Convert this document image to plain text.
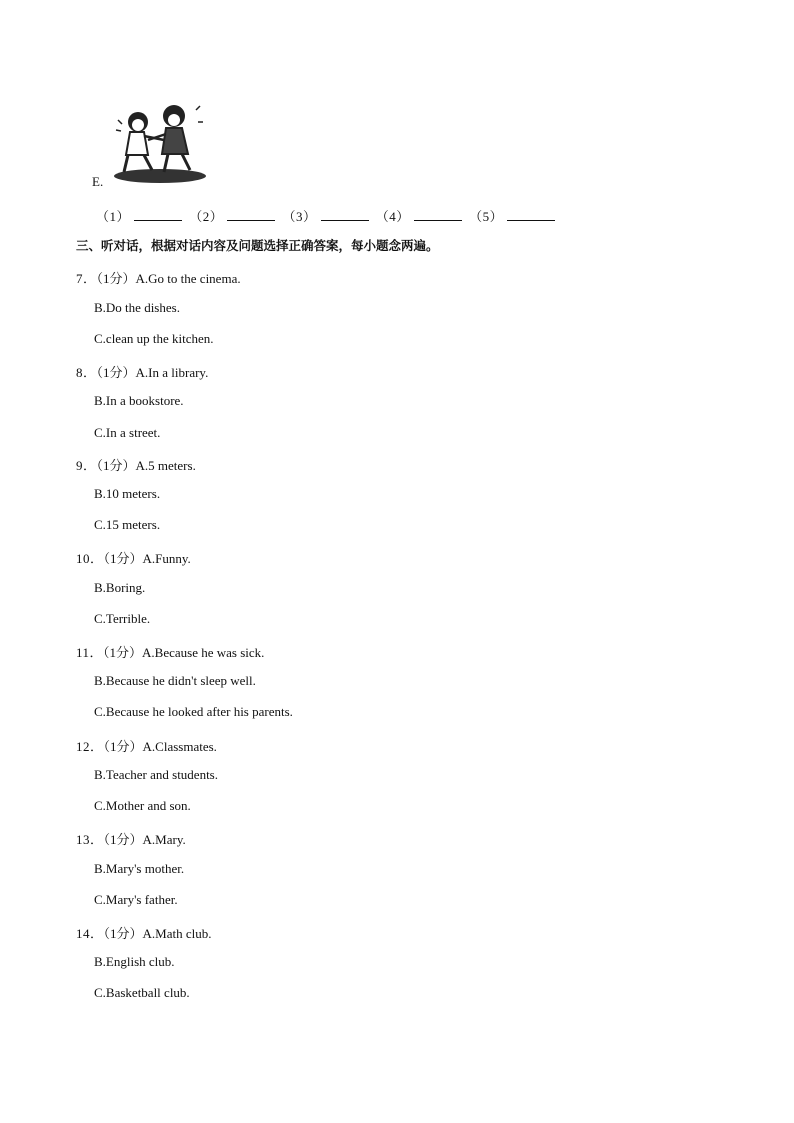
E.
（1）	（2）	（3）	（4）	（5）
三、听对话，根据对话内容及问题选择正确答案，每小题念两遍。
7．（1分）A.Go to the cinema.
B.Do the dishes.
C.clean up the kitchen.
8．（1分）A.In a library.
B.In a bookstore.
C.In a street.
9．（1分）A.5 meters.
B.10 meters.
C.15 meters.
10．（1分）A.Funny.
B.Boring.
C.Terrible.
11．（1分）A.Because he was sick.
B.Because he didn't sleep well.
C.Because he looked after his parents.
12．（1分）A.Classmates.
B.Teacher and students.
C.Mother and son.
13．（1分）A.Mary.
B.Mary's mother.
C.Mary's father.
14．（1分）A.Math club.
B.English club.
C.Basketball club.
